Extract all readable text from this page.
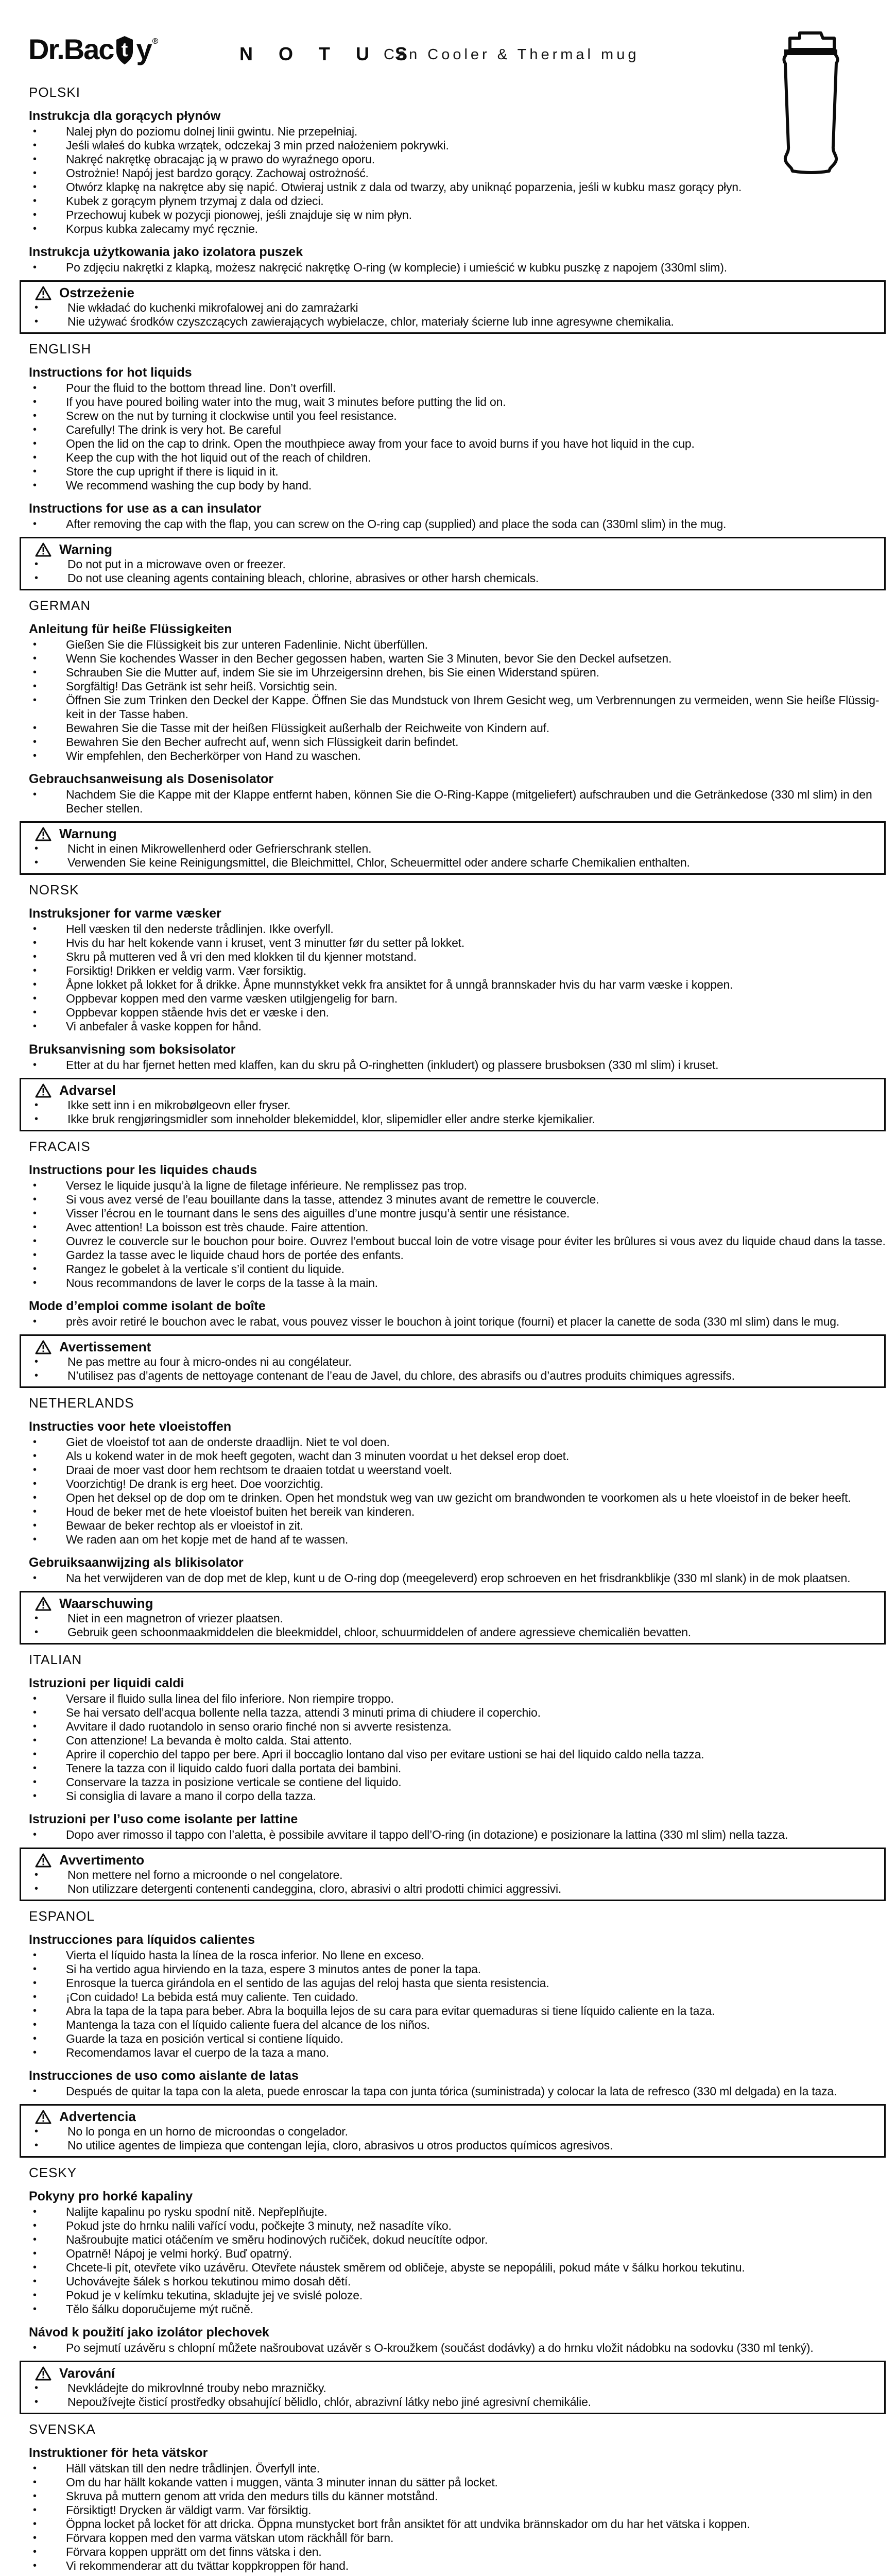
Dr.Bac t y ®
N O T U S
Can Cooler & Thermal mug
POLSKI
Instrukcja dla gorących płynów
•	Nalej płyn do poziomu dolnej linii gwintu. Nie przepełniaj.
•	Jeśli wlałeś do kubka wrzątek, odczekaj 3 min przed nałożeniem pokrywki.
•	Nakręć nakrętkę obracając ją w prawo do wyraźnego oporu.
•	Ostrożnie! Napój jest bardzo gorący. Zachowaj ostrożność.
•	Otwórz klapkę na nakrętce aby się napić. Otwieraj ustnik z dala od twarzy, aby uniknąć poparzenia, jeśli w kubku masz gorący płyn.
•	Kubek z gorącym płynem trzymaj z dala od dzieci.
•	Przechowuj kubek w pozycji pionowej, jeśli znajduje się w nim płyn.
•	Korpus kubka zalecamy myć ręcznie.
Instrukcja użytkowania jako izolatora puszek
•	Po zdjęciu nakrętki z klapką, możesz nakręcić nakrętkę O-ring (w komplecie) i umieścić w kubku puszkę z napojem (330ml slim).
Ostrzeżenie
•	Nie wkładać do kuchenki mikrofalowej ani do zamrażarki
•	Nie używać środków czyszczących zawierających wybielacze, chlor, materiały ścierne lub inne agresywne chemikalia.
ENGLISH
Instructions for hot liquids
•	Pour the fluid to the bottom thread line. Don’t overfill.
•	If you have poured boiling water into the mug, wait 3 minutes before putting the lid on.
•	Screw on the nut by turning it clockwise until you feel resistance.
•	Carefully! The drink is very hot. Be careful
•	Open the lid on the cap to drink. Open the mouthpiece away from your face to avoid burns if you have hot liquid in the cup.
•	Keep the cup with the hot liquid out of the reach of children.
•	Store the cup upright if there is liquid in it.
•	We recommend washing the cup body by hand.
Instructions for use as a can insulator
•	After removing the cap with the flap, you can screw on the O-ring cap (supplied) and place the soda can (330ml slim) in the mug.
Warning
•	Do not put in a microwave oven or freezer.
•	Do not use cleaning agents containing bleach, chlorine, abrasives or other harsh chemicals.
GERMAN
Anleitung für heiße Flüssigkeiten
•	Gießen Sie die Flüssigkeit bis zur unteren Fadenlinie. Nicht überfüllen.
•	Wenn Sie kochendes Wasser in den Becher gegossen haben, warten Sie 3 Minuten, bevor Sie den Deckel aufsetzen.
•	Schrauben Sie die Mutter auf, indem Sie sie im Uhrzeigersinn drehen, bis Sie einen Widerstand spüren.
•	Sorgfältig! Das Getränk ist sehr heiß. Vorsichtig sein.
•	Öffnen Sie zum Trinken den Deckel der Kappe. Öffnen Sie das Mundstuck von Ihrem Gesicht weg, um Verbrennungen zu vermeiden, wenn Sie heiße Flüssigkeit in der Tasse haben.
•	Bewahren Sie die Tasse mit der heißen Flüssigkeit außerhalb der Reichweite von Kindern auf.
•	Bewahren Sie den Becher aufrecht auf, wenn sich Flüssigkeit darin befindet.
•	Wir empfehlen, den Becherkörper von Hand zu waschen.
Gebrauchsanweisung als Dosenisolator
•	Nachdem Sie die Kappe mit der Klappe entfernt haben, können Sie die O-Ring-Kappe (mitgeliefert) aufschrauben und die Getränkedose (330 ml slim) in den Becher stellen.
Warnung
•	Nicht in einen Mikrowellenherd oder Gefrierschrank stellen.
•	Verwenden Sie keine Reinigungsmittel, die Bleichmittel, Chlor, Scheuermittel oder andere scharfe Chemikalien enthalten.
NORSK
Instruksjoner for varme væsker
•	Hell væsken til den nederste trådlinjen. Ikke overfyll.
•	Hvis du har helt kokende vann i kruset, vent 3 minutter før du setter på lokket.
•	Skru på mutteren ved å vri den med klokken til du kjenner motstand.
•	Forsiktig! Drikken er veldig varm. Vær forsiktig.
•	Åpne lokket på lokket for å drikke. Åpne munnstykket vekk fra ansiktet for å unngå brannskader hvis du har varm væske i koppen.
•	Oppbevar koppen med den varme væsken utilgjengelig for barn.
•	Oppbevar koppen stående hvis det er væske i den.
•	Vi anbefaler å vaske koppen for hånd.
Bruksanvisning som boksisolator
•	Etter at du har fjernet hetten med klaffen, kan du skru på O-ringhetten (inkludert) og plassere brusboksen (330 ml slim) i kruset.
Advarsel
•	Ikke sett inn i en mikrobølgeovn eller fryser.
•	Ikke bruk rengjøringsmidler som inneholder blekemiddel, klor, slipemidler eller andre sterke kjemikalier.
FRACAIS
Instructions pour les liquides chauds
•	Versez le liquide jusqu’à la ligne de filetage inférieure. Ne remplissez pas trop.
•	Si vous avez versé de l’eau bouillante dans la tasse, attendez 3 minutes avant de remettre le couvercle.
•	Visser l’écrou en le tournant dans le sens des aiguilles d’une montre jusqu’à sentir une résistance.
•	Avec attention! La boisson est très chaude. Faire attention.
•	Ouvrez le couvercle sur le bouchon pour boire. Ouvrez l’embout buccal loin de votre visage pour éviter les brûlures si vous avez du liquide chaud dans la tasse.
•	Gardez la tasse avec le liquide chaud hors de portée des enfants.
•	Rangez le gobelet à la verticale s’il contient du liquide.
•	Nous recommandons de laver le corps de la tasse à la main.
Mode d’emploi comme isolant de boîte
•	près avoir retiré le bouchon avec le rabat, vous pouvez visser le bouchon à joint torique (fourni) et placer la canette de soda (330 ml slim) dans le mug.
Avertissement
•	Ne pas mettre au four à micro-ondes ni au congélateur.
•	N’utilisez pas d’agents de nettoyage contenant de l’eau de Javel, du chlore, des abrasifs ou d’autres produits chimiques agressifs.
NETHERLANDS
Instructies voor hete vloeistoffen
•	Giet de vloeistof tot aan de onderste draadlijn. Niet te vol doen.
•	Als u kokend water in de mok heeft gegoten, wacht dan 3 minuten voordat u het deksel erop doet.
•	Draai de moer vast door hem rechtsom te draaien totdat u weerstand voelt.
•	Voorzichtig! De drank is erg heet. Doe voorzichtig.
•	Open het deksel op de dop om te drinken. Open het mondstuk weg van uw gezicht om brandwonden te voorkomen als u hete vloeistof in de beker heeft.
•	Houd de beker met de hete vloeistof buiten het bereik van kinderen.
•	Bewaar de beker rechtop als er vloeistof in zit.
•	We raden aan om het kopje met de hand af te wassen.
Gebruiksaanwijzing als blikisolator
•	Na het verwijderen van de dop met de klep, kunt u de O-ring dop (meegeleverd) erop schroeven en het frisdrankblikje (330 ml slank) in de mok plaatsen.
Waarschuwing
•	Niet in een magnetron of vriezer plaatsen.
•	Gebruik geen schoonmaakmiddelen die bleekmiddel, chloor, schuurmiddelen of andere agressieve chemicaliën bevatten.
ITALIAN
Istruzioni per liquidi caldi
•	Versare il fluido sulla linea del filo inferiore. Non riempire troppo.
•	Se hai versato dell’acqua bollente nella tazza, attendi 3 minuti prima di chiudere il coperchio.
•	Avvitare il dado ruotandolo in senso orario finché non si avverte resistenza.
•	Con attenzione! La bevanda è molto calda. Stai attento.
•	Aprire il coperchio del tappo per bere. Apri il boccaglio lontano dal viso per evitare ustioni se hai del liquido caldo nella tazza.
•	Tenere la tazza con il liquido caldo fuori dalla portata dei bambini.
•	Conservare la tazza in posizione verticale se contiene del liquido.
•	Si consiglia di lavare a mano il corpo della tazza.
Istruzioni per l’uso come isolante per lattine
•	Dopo aver rimosso il tappo con l’aletta, è possibile avvitare il tappo dell’O-ring (in dotazione) e posizionare la lattina (330 ml slim) nella tazza.
Avvertimento
•	Non mettere nel forno a microonde o nel congelatore.
•	Non utilizzare detergenti contenenti candeggina, cloro, abrasivi o altri prodotti chimici aggressivi.
ESPANOL
Instrucciones para líquidos calientes
•	Vierta el líquido hasta la línea de la rosca inferior. No llene en exceso.
•	Si ha vertido agua hirviendo en la taza, espere 3 minutos antes de poner la tapa.
•	Enrosque la tuerca girándola en el sentido de las agujas del reloj hasta que sienta resistencia.
•	¡Con cuidado! La bebida está muy caliente. Ten cuidado.
•	Abra la tapa de la tapa para beber. Abra la boquilla lejos de su cara para evitar quemaduras si tiene líquido caliente en la taza.
•	Mantenga la taza con el líquido caliente fuera del alcance de los niños.
•	Guarde la taza en posición vertical si contiene líquido.
•	Recomendamos lavar el cuerpo de la taza a mano.
Instrucciones de uso como aislante de latas
•	Después de quitar la tapa con la aleta, puede enroscar la tapa con junta tórica (suministrada) y colocar la lata de refresco (330 ml delgada) en la taza.
Advertencia
•	No lo ponga en un horno de microondas o congelador.
•	No utilice agentes de limpieza que contengan lejía, cloro, abrasivos u otros productos químicos agresivos.
CESKY
Pokyny pro horké kapaliny
•	Nalijte kapalinu po rysku spodní nitě. Nepřeplňujte.
•	Pokud jste do hrnku nalili vařící vodu, počkejte 3 minuty, než nasadíte víko.
•	Našroubujte matici otáčením ve směru hodinových ručiček, dokud neucítíte odpor.
•	Opatrně! Nápoj je velmi horký. Buď opatrný.
•	Chcete-li pít, otevřete víko uzávěru. Otevřete náustek směrem od obličeje, abyste se nepopálili, pokud máte v šálku horkou tekutinu.
•	Uchovávejte šálek s horkou tekutinou mimo dosah dětí.
•	Pokud je v kelímku tekutina, skladujte jej ve svislé poloze.
•	Tělo šálku doporučujeme mýt ručně.
Návod k použití jako izolátor plechovek
•	Po sejmutí uzávěru s chlopní můžete našroubovat uzávěr s O-kroužkem (součást dodávky) a do hrnku vložit nádobku na sodovku (330 ml tenký).
Varování
•	Nevkládejte do mikrovlnné trouby nebo mrazničky.
•	Nepoužívejte čisticí prostředky obsahující bělidlo, chlór, abrazivní látky nebo jiné agresivní chemikálie.
SVENSKA
Instruktioner för heta vätskor
•	Häll vätskan till den nedre trådlinjen. Överfyll inte.
•	Om du har hällt kokande vatten i muggen, vänta 3 minuter innan du sätter på locket.
•	Skruva på muttern genom att vrida den medurs tills du känner motstånd.
•	Försiktigt! Drycken är väldigt varm. Var försiktig.
•	Öppna locket på locket för att dricka. Öppna munstycket bort från ansiktet för att undvika brännskador om du har het vätska i koppen.
•	Förvara koppen med den varma vätskan utom räckhåll för barn.
•	Förvara koppen upprätt om det finns vätska i den.
•	Vi rekommenderar att du tvättar koppkroppen för hand.
